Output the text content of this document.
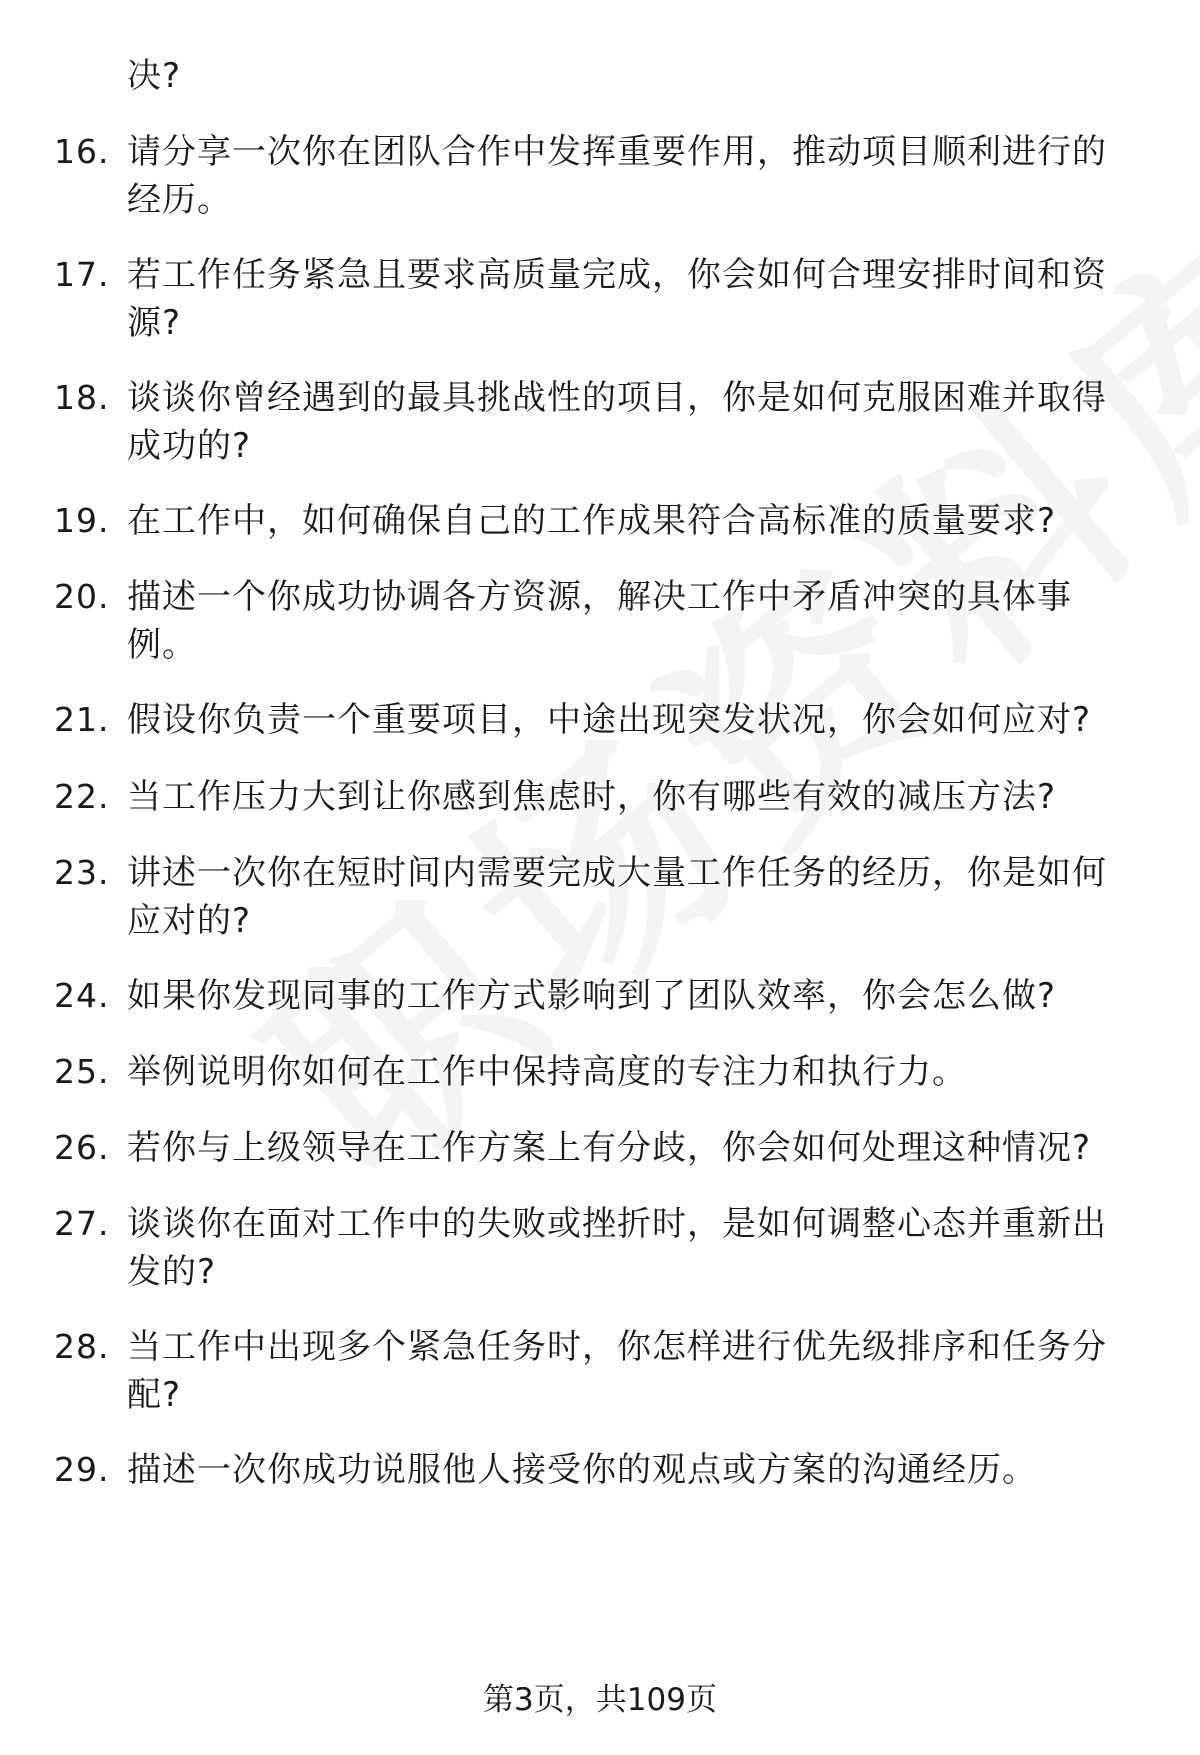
决?
16. 请分享一次你在团队合作中发挥重要作用，推动项目顺利进行的经历。
17. 若工作任务紧急且要求高质量完成，你会如何合理安排时间和资源?
18. 谈谈你曾经遇到的最具挑战性的项目，你是如何克服困难并取得成功的?
19. 在工作中，如何确保自己的工作成果符合高标准的质量要求?
20. 描述一个你成功协调各方资源，解决工作中矛盾冲突的具体事例。
21. 假设你负责一个重要项目，中途出现突发状况，你会如何应对?
22. 当工作压力大到让你感到焦虑时，你有哪些有效的减压方法?
23. 讲述一次你在短时间内需要完成大量工作任务的经历，你是如何应对的?
24. 如果你发现同事的工作方式影响到了团队效率，你会怎么做?
25. 举例说明你如何在工作中保持高度的专注力和执行力。
26. 若你与上级领导在工作方案上有分歧，你会如何处理这种情况?
27. 谈谈你在面对工作中的失败或挫折时，是如何调整心态并重新出发的?
28. 当工作中出现多个紧急任务时，你怎样进行优先级排序和任务分配?
29. 描述一次你成功说服他人接受你的观点或方案的沟通经历。
第3页，共109页
